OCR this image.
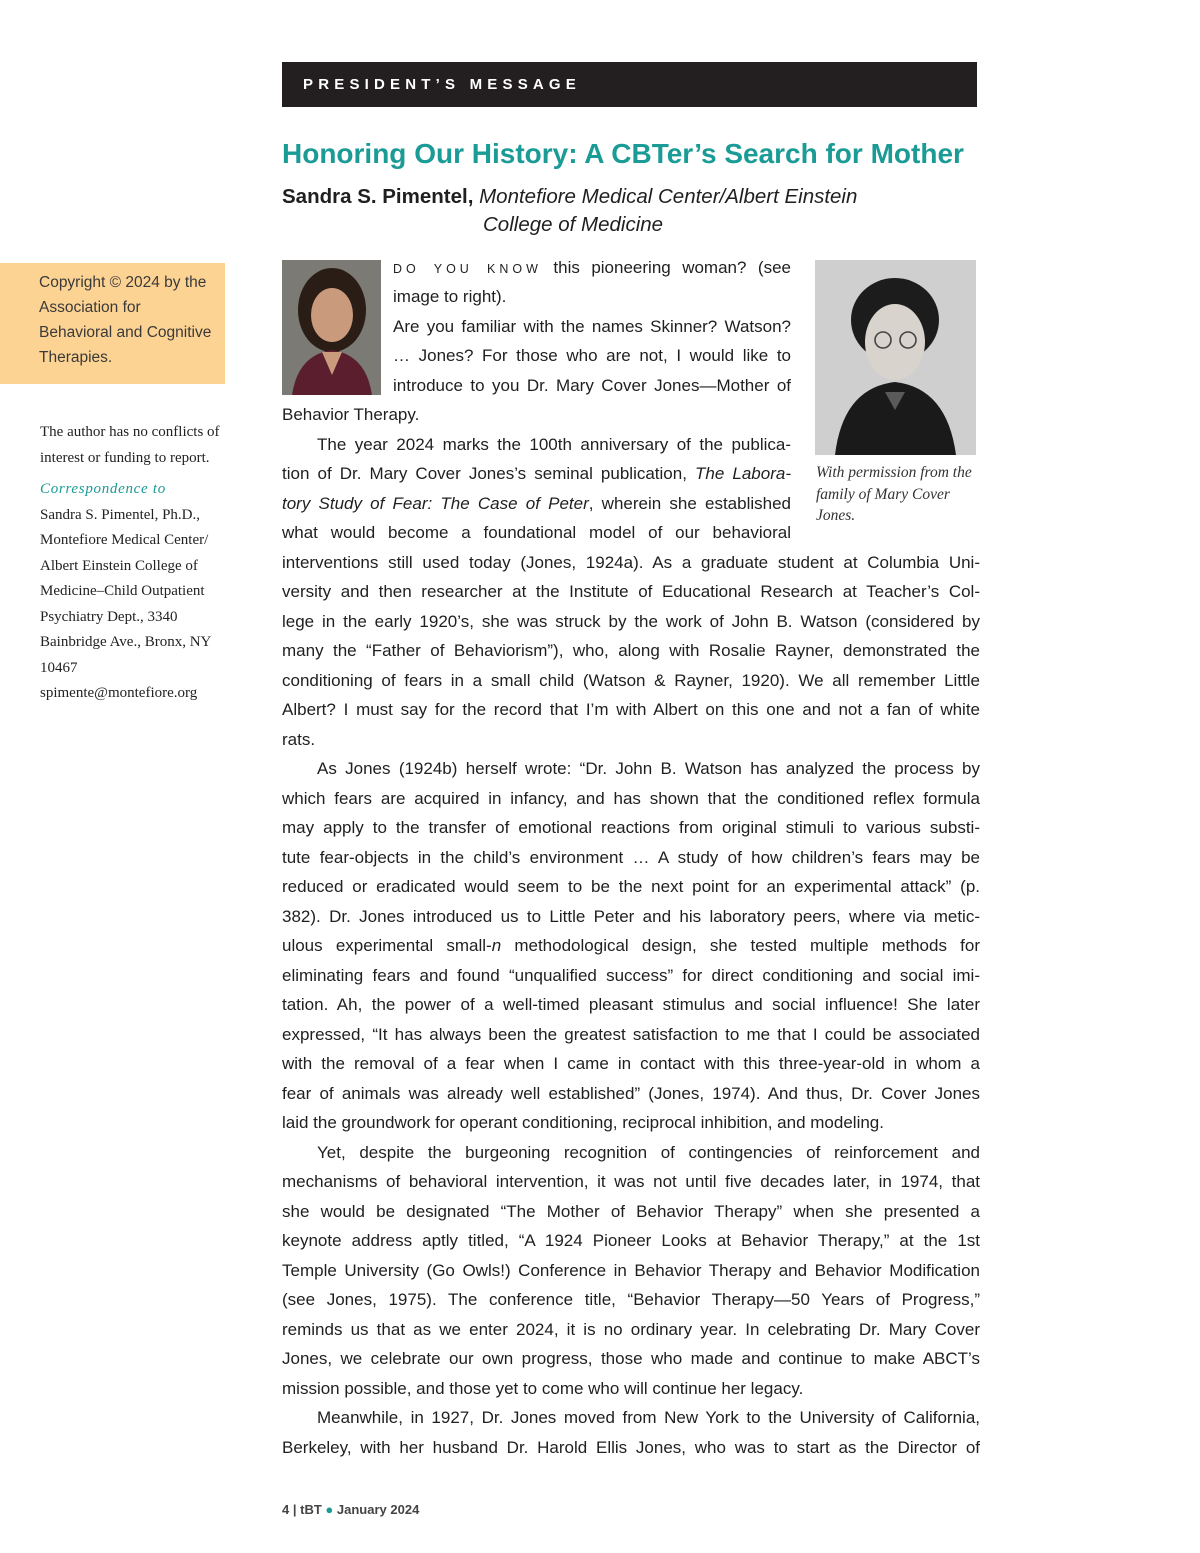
PRESIDENT’S MESSAGE
Honoring Our History: A CBTer’s Search for Mother
Sandra S. Pimentel, Montefiore Medical Center/Albert Einstein
College of Medicine
Copyright © 2024 by the Association for Behavioral and Cognitive Therapies.

The author has no conflicts of interest or funding to report.

Correspondence to

Sandra S. Pimentel, Ph.D., Montefiore Medical Center/ Albert Einstein College of Medicine–Child Outpatient Psychiatry Dept., 3340 Bainbridge Ave., Bronx, NY 10467 spimente@montefiore.org

With permission from the family of Mary Cover Jones.
DO YOU KNOW this pioneering woman? (see
image to right).
Are you familiar with the names Skinner? Watson?
… Jones? For those who are not, I would like to
introduce to you Dr. Mary Cover Jones—Mother of
Behavior Therapy.
The year 2024 marks the 100th anniversary of the publica-
tion of Dr. Mary Cover Jones’s seminal publication, The Labora-
tory Study of Fear: The Case of Peter, wherein she established
what would become a foundational model of our behavioral
interventions still used today (Jones, 1924a). As a graduate student at Columbia Uni-
versity and then researcher at the Institute of Educational Research at Teacher’s Col-
lege in the early 1920’s, she was struck by the work of John B. Watson (considered by
many the “Father of Behaviorism”), who, along with Rosalie Rayner, demonstrated the
conditioning of fears in a small child (Watson & Rayner, 1920). We all remember Little
Albert? I must say for the record that I’m with Albert on this one and not a fan of white
rats.
As Jones (1924b) herself wrote: “Dr. John B. Watson has analyzed the process by
which fears are acquired in infancy, and has shown that the conditioned reflex formula
may apply to the transfer of emotional reactions from original stimuli to various substi-
tute fear-objects in the child’s environment … A study of how children’s fears may be
reduced or eradicated would seem to be the next point for an experimental attack” (p.
382). Dr. Jones introduced us to Little Peter and his laboratory peers, where via metic-
ulous experimental small-n methodological design, she tested multiple methods for
eliminating fears and found “unqualified success” for direct conditioning and social imi-
tation. Ah, the power of a well-timed pleasant stimulus and social influence! She later
expressed, “It has always been the greatest satisfaction to me that I could be associated
with the removal of a fear when I came in contact with this three-year-old in whom a
fear of animals was already well established” (Jones, 1974). And thus, Dr. Cover Jones
laid the groundwork for operant conditioning, reciprocal inhibition, and modeling.
Yet, despite the burgeoning recognition of contingencies of reinforcement and
mechanisms of behavioral intervention, it was not until five decades later, in 1974, that
she would be designated “The Mother of Behavior Therapy” when she presented a
keynote address aptly titled, “A 1924 Pioneer Looks at Behavior Therapy,” at the 1st
Temple University (Go Owls!) Conference in Behavior Therapy and Behavior Modification
(see Jones, 1975). The conference title, “Behavior Therapy—50 Years of Progress,”
reminds us that as we enter 2024, it is no ordinary year. In celebrating Dr. Mary Cover
Jones, we celebrate our own progress, those who made and continue to make ABCT’s
mission possible, and those yet to come who will continue her legacy.
Meanwhile, in 1927, Dr. Jones moved from New York to the University of California,
Berkeley, with her husband Dr. Harold Ellis Jones, who was to start as the Director of
4 | tBT ● January 2024
